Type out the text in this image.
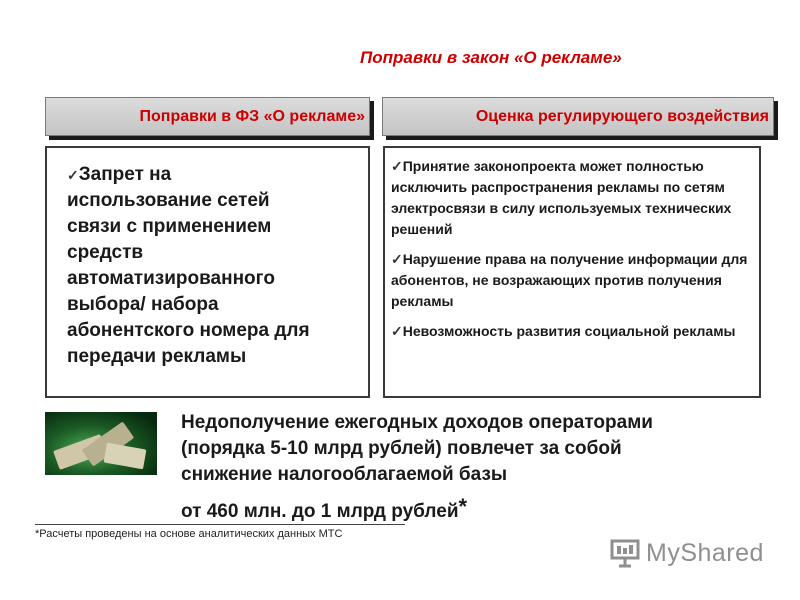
Поправки в закон «О рекламе»
Поправки в ФЗ «О рекламе»	Оценка регулирующего воздействия
✓Запрет на
использование сетей
связи с применением
средств
автоматизированного
выбора/ набора
абонентского номера для
передачи рекламы
✓Принятие законопроекта может полностью исключить распространения рекламы по сетям электросвязи в силу используемых технических решений
✓Нарушение права на получение информации для абонентов, не возражающих против получения рекламы
✓Невозможность развития социальной рекламы
Недополучение ежегодных доходов операторами
(порядка 5-10 млрд рублей) повлечет за собой
снижение налогооблагаемой базы
от 460 млн. до 1 млрд рублей*
*Расчеты проведены на основе аналитических данных МТС
MyShared
